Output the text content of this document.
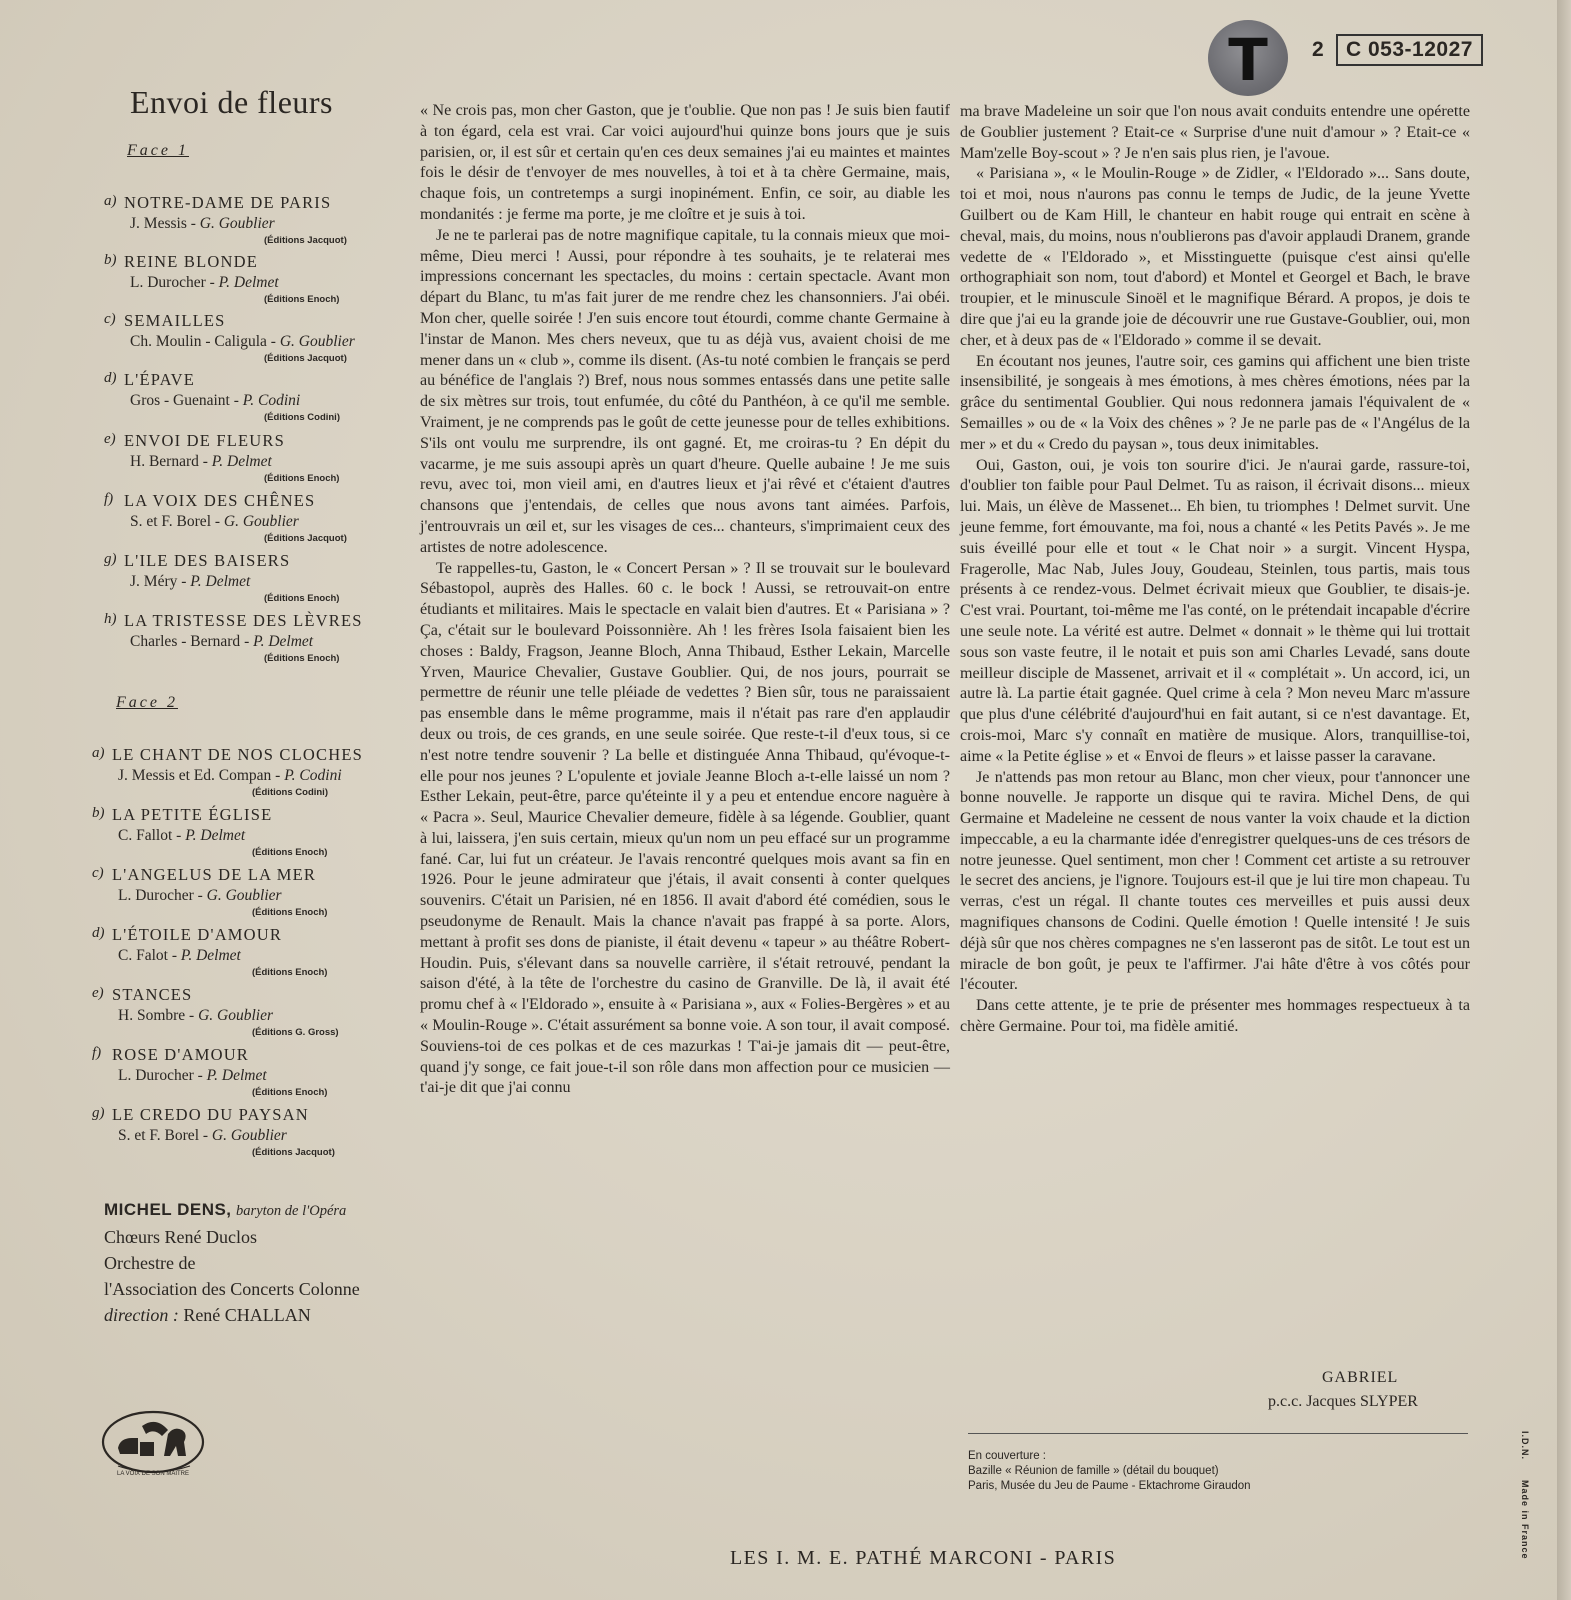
T	2	C 053-12027
Envoi de fleurs
Face 1
a) NOTRE-DAME DE PARIS
J. Messis - G. Goublier
(Éditions Jacquot)
b) REINE BLONDE
L. Durocher - P. Delmet
(Éditions Enoch)
c) SEMAILLES
Ch. Moulin - Caligula - G. Goublier
(Éditions Jacquot)
d) L'ÉPAVE
Gros - Guenaint - P. Codini
(Éditions Codini)
e) ENVOI DE FLEURS
H. Bernard - P. Delmet
(Éditions Enoch)
f) LA VOIX DES CHÊNES
S. et F. Borel - G. Goublier
(Éditions Jacquot)
g) L'ILE DES BAISERS
J. Méry - P. Delmet
(Éditions Enoch)
h) LA TRISTESSE DES LÈVRES
Charles - Bernard - P. Delmet
(Éditions Enoch)
Face 2
a) LE CHANT DE NOS CLOCHES
J. Messis et Ed. Compan - P. Codini
(Éditions Codini)
b) LA PETITE ÉGLISE
C. Fallot - P. Delmet
(Éditions Enoch)
c) L'ANGELUS DE LA MER
L. Durocher - G. Goublier
(Éditions Enoch)
d) L'ÉTOILE D'AMOUR
C. Falot - P. Delmet
(Éditions Enoch)
e) STANCES
H. Sombre - G. Goublier
(Éditions G. Gross)
f) ROSE D'AMOUR
L. Durocher - P. Delmet
(Éditions Enoch)
g) LE CREDO DU PAYSAN
S. et F. Borel - G. Goublier
(Éditions Jacquot)
MICHEL DENS, baryton de l'Opéra
Chœurs René Duclos
Orchestre de
l'Association des Concerts Colonne
direction : René CHALLAN
LA VOIX DE SON MAITRE

« Ne crois pas, mon cher Gaston, que je t'oublie. Que non pas ! Je suis bien fautif à ton égard, cela est vrai. Car voici aujourd'hui quinze bons jours que je suis parisien, or, il est sûr et certain qu'en ces deux semaines j'ai eu maintes et maintes fois le désir de t'envoyer de mes nouvelles, à toi et à ta chère Germaine, mais, chaque fois, un contretemps a surgi inopinément. Enfin, ce soir, au diable les mondanités : je ferme ma porte, je me cloître et je suis à toi.

Je ne te parlerai pas de notre magnifique capitale, tu la connais mieux que moi-même, Dieu merci ! Aussi, pour répondre à tes souhaits, je te relaterai mes impressions concernant les spectacles, du moins : certain spectacle. Avant mon départ du Blanc, tu m'as fait jurer de me rendre chez les chansonniers. J'ai obéi. Mon cher, quelle soirée ! J'en suis encore tout étourdi, comme chante Germaine à l'instar de Manon. Mes chers neveux, que tu as déjà vus, avaient choisi de me mener dans un « club », comme ils disent. (As-tu noté combien le français se perd au bénéfice de l'anglais ?) Bref, nous nous sommes entassés dans une petite salle de six mètres sur trois, tout enfumée, du côté du Panthéon, à ce qu'il me semble. Vraiment, je ne comprends pas le goût de cette jeunesse pour de telles exhibitions. S'ils ont voulu me surprendre, ils ont gagné. Et, me croiras-tu ? En dépit du vacarme, je me suis assoupi après un quart d'heure. Quelle aubaine ! Je me suis revu, avec toi, mon vieil ami, en d'autres lieux et j'ai rêvé et c'étaient d'autres chansons que j'entendais, de celles que nous avons tant aimées. Parfois, j'entrouvrais un œil et, sur les visages de ces... chanteurs, s'imprimaient ceux des artistes de notre adolescence.

Te rappelles-tu, Gaston, le « Concert Persan » ? Il se trouvait sur le boulevard Sébastopol, auprès des Halles. 60 c. le bock ! Aussi, se retrouvait-on entre étudiants et militaires. Mais le spectacle en valait bien d'autres. Et « Parisiana » ? Ça, c'était sur le boulevard Poissonnière. Ah ! les frères Isola faisaient bien les choses : Baldy, Fragson, Jeanne Bloch, Anna Thibaud, Esther Lekain, Marcelle Yrven, Maurice Chevalier, Gustave Goublier. Qui, de nos jours, pourrait se permettre de réunir une telle pléiade de vedettes ? Bien sûr, tous ne paraissaient pas ensemble dans le même programme, mais il n'était pas rare d'en applaudir deux ou trois, de ces grands, en une seule soirée. Que reste-t-il d'eux tous, si ce n'est notre tendre souvenir ? La belle et distinguée Anna Thibaud, qu'évoque-t-elle pour nos jeunes ? L'opulente et joviale Jeanne Bloch a-t-elle laissé un nom ? Esther Lekain, peut-être, parce qu'éteinte il y a peu et entendue encore naguère à « Pacra ». Seul, Maurice Chevalier demeure, fidèle à sa légende. Goublier, quant à lui, laissera, j'en suis certain, mieux qu'un nom un peu effacé sur un programme fané. Car, lui fut un créateur. Je l'avais rencontré quelques mois avant sa fin en 1926. Pour le jeune admirateur que j'étais, il avait consenti à conter quelques souvenirs. C'était un Parisien, né en 1856. Il avait d'abord été comédien, sous le pseudonyme de Renault. Mais la chance n'avait pas frappé à sa porte. Alors, mettant à profit ses dons de pianiste, il était devenu « tapeur » au théâtre Robert-Houdin. Puis, s'élevant dans sa nouvelle carrière, il s'était retrouvé, pendant la saison d'été, à la tête de l'orchestre du casino de Granville. De là, il avait été promu chef à « l'Eldorado », ensuite à « Parisiana », aux « Folies-Bergères » et au « Moulin-Rouge ». C'était assurément sa bonne voie. A son tour, il avait composé. Souviens-toi de ces polkas et de ces mazurkas ! T'ai-je jamais dit — peut-être, quand j'y songe, ce fait joue-t-il son rôle dans mon affection pour ce musicien — t'ai-je dit que j'ai connu

ma brave Madeleine un soir que l'on nous avait conduits entendre une opérette de Goublier justement ? Etait-ce « Surprise d'une nuit d'amour » ? Etait-ce « Mam'zelle Boy-scout » ? Je n'en sais plus rien, je l'avoue.

« Parisiana », « le Moulin-Rouge » de Zidler, « l'Eldorado »... Sans doute, toi et moi, nous n'aurons pas connu le temps de Judic, de la jeune Yvette Guilbert ou de Kam Hill, le chanteur en habit rouge qui entrait en scène à cheval, mais, du moins, nous n'oublierons pas d'avoir applaudi Dranem, grande vedette de « l'Eldorado », et Misstinguette (puisque c'est ainsi qu'elle orthographiait son nom, tout d'abord) et Montel et Georgel et Bach, le brave troupier, et le minuscule Sinoël et le magnifique Bérard. A propos, je dois te dire que j'ai eu la grande joie de découvrir une rue Gustave-Goublier, oui, mon cher, et à deux pas de « l'Eldorado » comme il se devait.

En écoutant nos jeunes, l'autre soir, ces gamins qui affichent une bien triste insensibilité, je songeais à mes émotions, à mes chères émotions, nées par la grâce du sentimental Goublier. Qui nous redonnera jamais l'équivalent de « Semailles » ou de « la Voix des chênes » ? Je ne parle pas de « l'Angélus de la mer » et du « Credo du paysan », tous deux inimitables.

Oui, Gaston, oui, je vois ton sourire d'ici. Je n'aurai garde, rassure-toi, d'oublier ton faible pour Paul Delmet. Tu as raison, il écrivait disons... mieux lui. Mais, un élève de Massenet... Eh bien, tu triomphes ! Delmet survit. Une jeune femme, fort émouvante, ma foi, nous a chanté « les Petits Pavés ». Je me suis éveillé pour elle et tout « le Chat noir » a surgit. Vincent Hyspa, Fragerolle, Mac Nab, Jules Jouy, Goudeau, Steinlen, tous partis, mais tous présents à ce rendez-vous. Delmet écrivait mieux que Goublier, te disais-je. C'est vrai. Pourtant, toi-même me l'as conté, on le prétendait incapable d'écrire une seule note. La vérité est autre. Delmet « donnait » le thème qui lui trottait sous son vaste feutre, il le notait et puis son ami Charles Levadé, sans doute meilleur disciple de Massenet, arrivait et il « complétait ». Un accord, ici, un autre là. La partie était gagnée. Quel crime à cela ? Mon neveu Marc m'assure que plus d'une célébrité d'aujourd'hui en fait autant, si ce n'est davantage. Et, crois-moi, Marc s'y connaît en matière de musique. Alors, tranquillise-toi, aime « la Petite église » et « Envoi de fleurs » et laisse passer la caravane.

Je n'attends pas mon retour au Blanc, mon cher vieux, pour t'annoncer une bonne nouvelle. Je rapporte un disque qui te ravira. Michel Dens, de qui Germaine et Madeleine ne cessent de nous vanter la voix chaude et la diction impeccable, a eu la charmante idée d'enregistrer quelques-uns de ces trésors de notre jeunesse. Quel sentiment, mon cher ! Comment cet artiste a su retrouver le secret des anciens, je l'ignore. Toujours est-il que je lui tire mon chapeau. Tu verras, c'est un régal. Il chante toutes ces merveilles et puis aussi deux magnifiques chansons de Codini. Quelle émotion ! Quelle intensité ! Je suis déjà sûr que nos chères compagnes ne s'en lasseront pas de sitôt. Le tout est un miracle de bon goût, je peux te l'affirmer. J'ai hâte d'être à vos côtés pour l'écouter.

Dans cette attente, je te prie de présenter mes hommages respectueux à ta chère Germaine. Pour toi, ma fidèle amitié.

GABRIEL
p.c.c. Jacques SLYPER
En couverture :
Bazille « Réunion de famille » (détail du bouquet)
Paris, Musée du Jeu de Paume - Ektachrome Giraudon
I.D.N.
Made in France
LES I. M. E. PATHÉ MARCONI - PARIS
